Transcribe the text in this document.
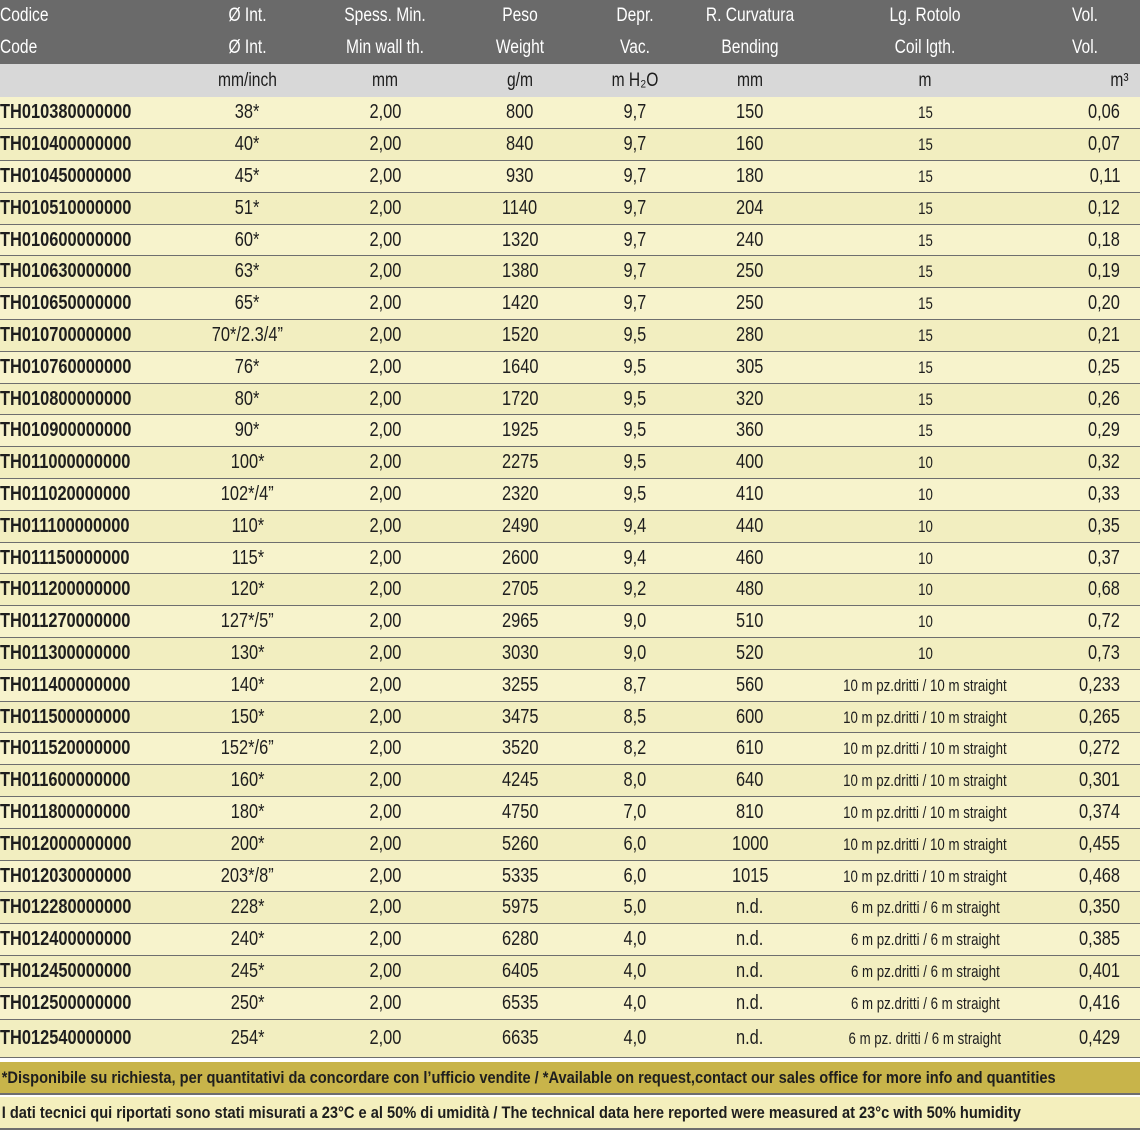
Codice	Ø Int.	Spess. Min.	Peso	Depr.	R. Curvatura	Lg. Rotolo	Vol.
Code	Ø Int.	Min wall th.	Weight	Vac.	Bending	Coil lgth.	Vol.
	mm/inch	mm	g/m	m H₂O	mm	m	m³
TH010380000000	38*	2,00	800	9,7	150	15	0,06
TH010400000000	40*	2,00	840	9,7	160	15	0,07
TH010450000000	45*	2,00	930	9,7	180	15	0,11
TH010510000000	51*	2,00	1140	9,7	204	15	0,12
TH010600000000	60*	2,00	1320	9,7	240	15	0,18
TH010630000000	63*	2,00	1380	9,7	250	15	0,19
TH010650000000	65*	2,00	1420	9,7	250	15	0,20
TH010700000000	70*/2.3/4”	2,00	1520	9,5	280	15	0,21
TH010760000000	76*	2,00	1640	9,5	305	15	0,25
TH010800000000	80*	2,00	1720	9,5	320	15	0,26
TH010900000000	90*	2,00	1925	9,5	360	15	0,29
TH011000000000	100*	2,00	2275	9,5	400	10	0,32
TH011020000000	102*/4”	2,00	2320	9,5	410	10	0,33
TH011100000000	110*	2,00	2490	9,4	440	10	0,35
TH011150000000	115*	2,00	2600	9,4	460	10	0,37
TH011200000000	120*	2,00	2705	9,2	480	10	0,68
TH011270000000	127*/5”	2,00	2965	9,0	510	10	0,72
TH011300000000	130*	2,00	3030	9,0	520	10	0,73
TH011400000000	140*	2,00	3255	8,7	560	10 m pz.dritti / 10 m straight	0,233
TH011500000000	150*	2,00	3475	8,5	600	10 m pz.dritti / 10 m straight	0,265
TH011520000000	152*/6”	2,00	3520	8,2	610	10 m pz.dritti / 10 m straight	0,272
TH011600000000	160*	2,00	4245	8,0	640	10 m pz.dritti / 10 m straight	0,301
TH011800000000	180*	2,00	4750	7,0	810	10 m pz.dritti / 10 m straight	0,374
TH012000000000	200*	2,00	5260	6,0	1000	10 m pz.dritti / 10 m straight	0,455
TH012030000000	203*/8”	2,00	5335	6,0	1015	10 m pz.dritti / 10 m straight	0,468
TH012280000000	228*	2,00	5975	5,0	n.d.	6 m pz.dritti / 6 m straight	0,350
TH012400000000	240*	2,00	6280	4,0	n.d.	6 m pz.dritti / 6 m straight	0,385
TH012450000000	245*	2,00	6405	4,0	n.d.	6 m pz.dritti / 6 m straight	0,401
TH012500000000	250*	2,00	6535	4,0	n.d.	6 m pz.dritti / 6 m straight	0,416
TH012540000000	254*	2,00	6635	4,0	n.d.	6 m pz. dritti / 6 m straight	0,429
*Disponibile su richiesta, per quantitativi da concordare con l’ufficio vendite / *Available on request,contact our sales office for more info and quantities
I dati tecnici qui riportati sono stati misurati a 23°C e al 50% di umidità / The technical data here reported were measured at 23°c with 50% humidity
